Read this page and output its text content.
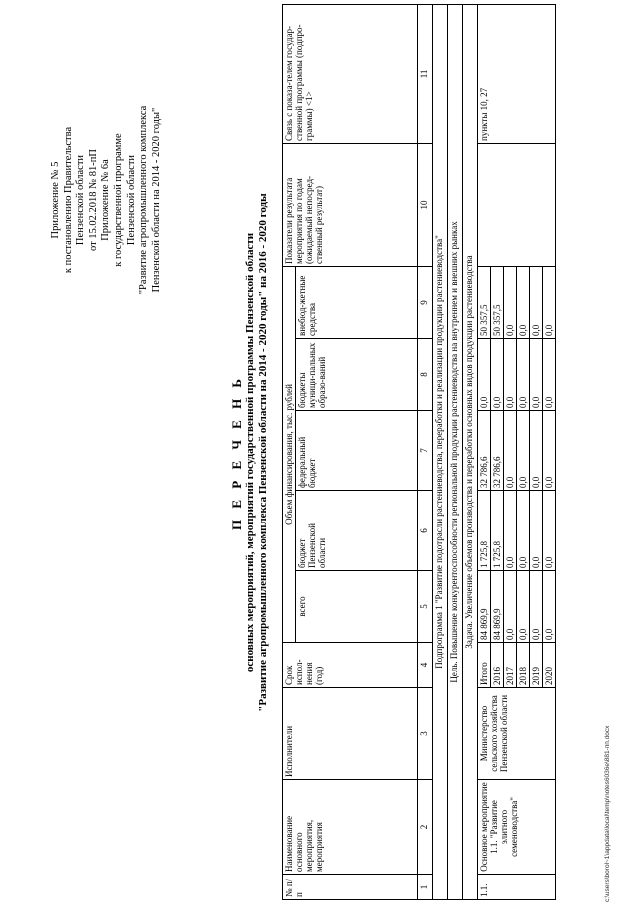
Приложение № 5 к постановлению Правительства Пензенской области от 15.02.2018 № 81-пП Приложение № 6а к государственной программе Пензенской области "Развитие агропромышленного комплекса Пензенской области на 2014 - 2020 годы"
П Е Р Е Ч Е Н Ь основных мероприятий, мероприятий государственной программы Пензенской области "Развитие агропромышленного комплекса Пензенской области на 2014 - 2020 годы" на 2016 - 2020 годы
№ п/п	Наименование основного мероприятия, мероприятия	Исполнители	Срок испол-нения (год)	Объем финансирования, тыс. рублей					Показатели результата мероприятия по годам (ожидаемый непосред-ственный результат)	Связь с показа-телем государ-ственной программы (подпро-граммы) <1>
				всего	бюджет Пензенской области	федеральный бюджет	бюджеты муници-пальных образо-ваний	внебюд-жетные средства		
1	2	3	4	5	6	7	8	9	10	11
Подпрограмма 1 "Развитие подотрасли растениеводства, переработки и реализации продукции растениеводства"										
Цель. Повышение конкурентоспособности региональной продукции растениеводства на внутреннем и внешних рынках										
Задача. Увеличение объемов производства и переработки основных видов продукции растениеводства										
1.1.	Основное мероприятие 1.1. "Развитие элитного семеноводства"	Министерство сельского хозяйства Пензенской области	Итого	84 869,9	1 725,8	32 786,6	0,0	50 357,5		пункты 10, 27
			2016	84 869,9	1 725,8	32 786,6	0,0	50 357,5		
			2017	0,0	0,0	0,0	0,0	0,0		
			2018	0,0	0,0	0,0	0,0	0,0		
			2019	0,0	0,0	0,0	0,0	0,0		
			2020	0,0	0,0	0,0	0,0	0,0		
c:\users\borol~1\appdata\local\temp\notes6036e\881-пп.docx
